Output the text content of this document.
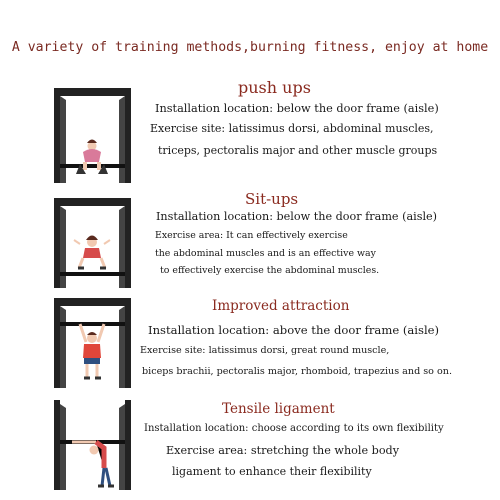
A variety of training methods,burning fitness, enjoy at home
push ups
Installation location: below the door frame (aisle)
Exercise site: latissimus dorsi, abdominal muscles,
triceps, pectoralis major and other muscle groups
Sit-ups
Installation location: below the door frame (aisle)
Exercise area: It can effectively exercise
the abdominal muscles and is an effective way
to effectively exercise the abdominal muscles.
Improved attraction
Installation location: above the door frame (aisle)
Exercise site: latissimus dorsi, great round muscle,
biceps brachii, pectoralis major, rhomboid, trapezius and so on.
Tensile ligament
Installation location: choose according to its own flexibility
Exercise area: stretching the whole body
ligament to enhance their flexibility
